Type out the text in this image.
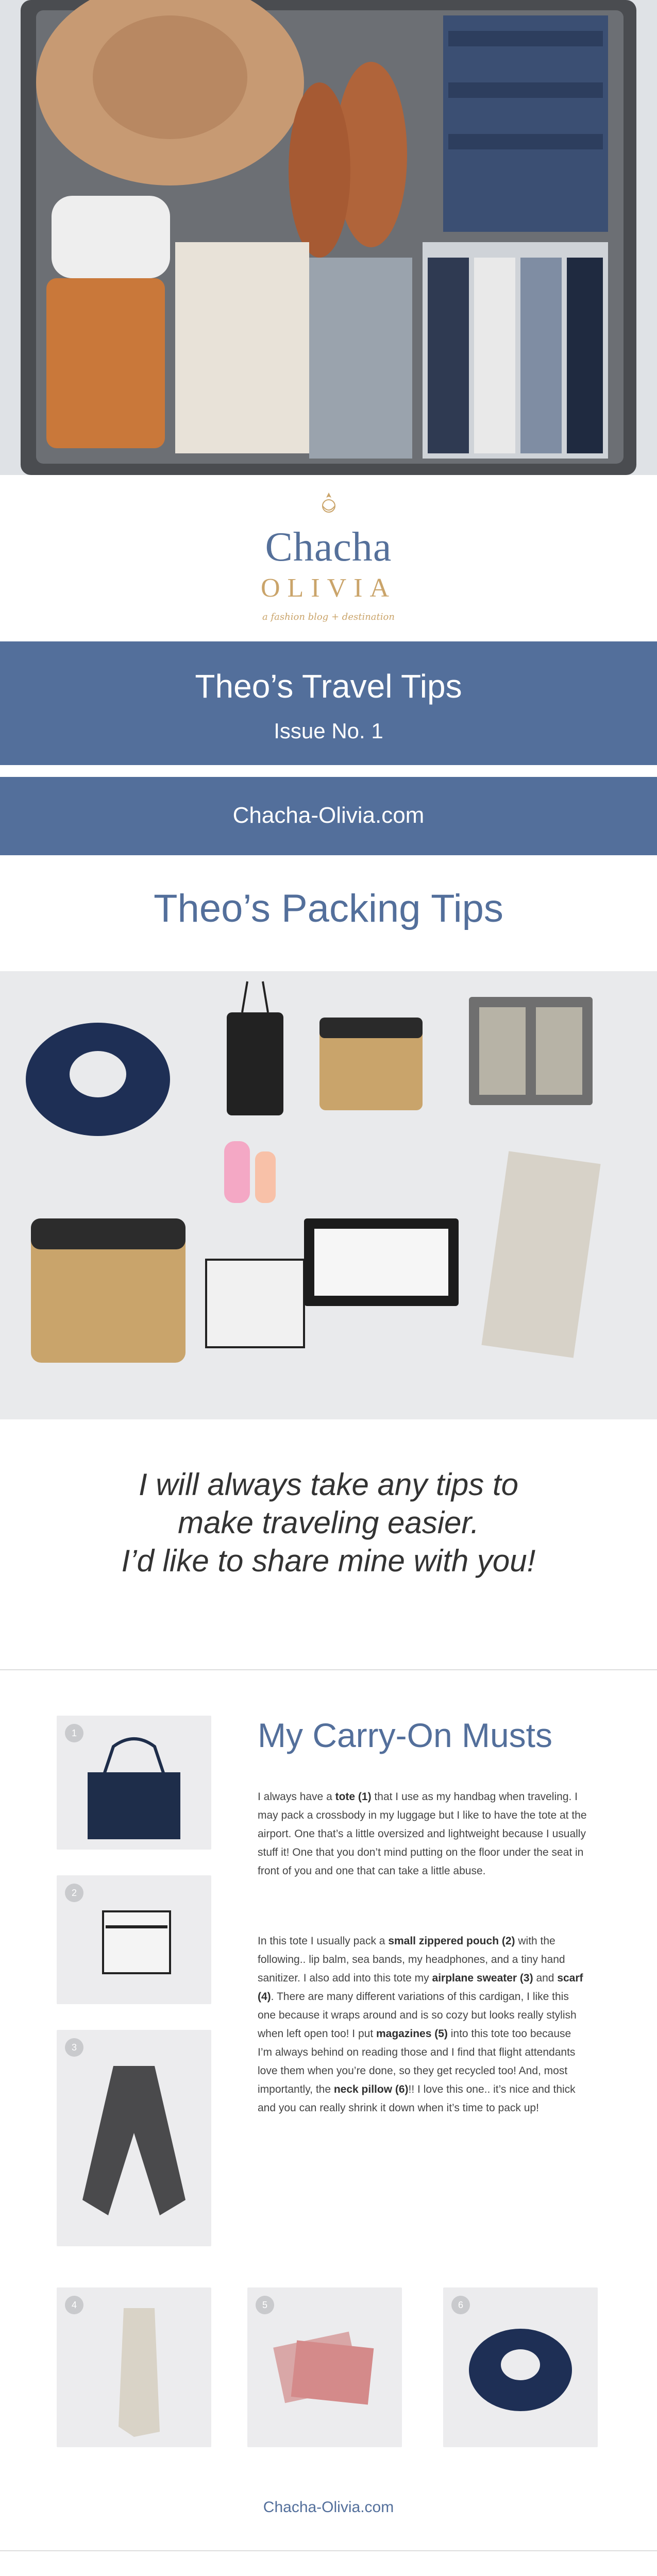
Chacha
OLIVIA
a fashion blog + destination
Theo’s Travel Tips
Issue No. 1
Chacha-Olivia.com
Theo’s Packing Tips

I will always take any tips to

make traveling easier.

I’d like to share mine with you!

My Carry-On Musts
1
2
3
I always have a tote (1) that I use as my handbag when traveling. I may pack a crossbody in my luggage but I like to have the tote at the airport. One that’s a little oversized and lightweight because I usually stuff it! One that you don’t mind putting on the floor under the seat in front of you and one that can take a little abuse.
In this tote I usually pack a small zippered pouch (2) with the following.. lip balm, sea bands, my headphones, and a tiny hand sanitizer. I also add into this tote my airplane sweater (3) and scarf (4). There are many different variations of this cardigan, I like this one because it wraps around and is so cozy but looks really stylish when left open too! I put magazines (5) into this tote too because I’m always behind on reading those and I find that flight attendants love them when you’re done, so they get recycled too! And, most importantly, the neck pillow (6)!! I love this one.. it’s nice and thick and you can really shrink it down when it’s time to pack up!
4	5	6
Chacha-Olivia.com
